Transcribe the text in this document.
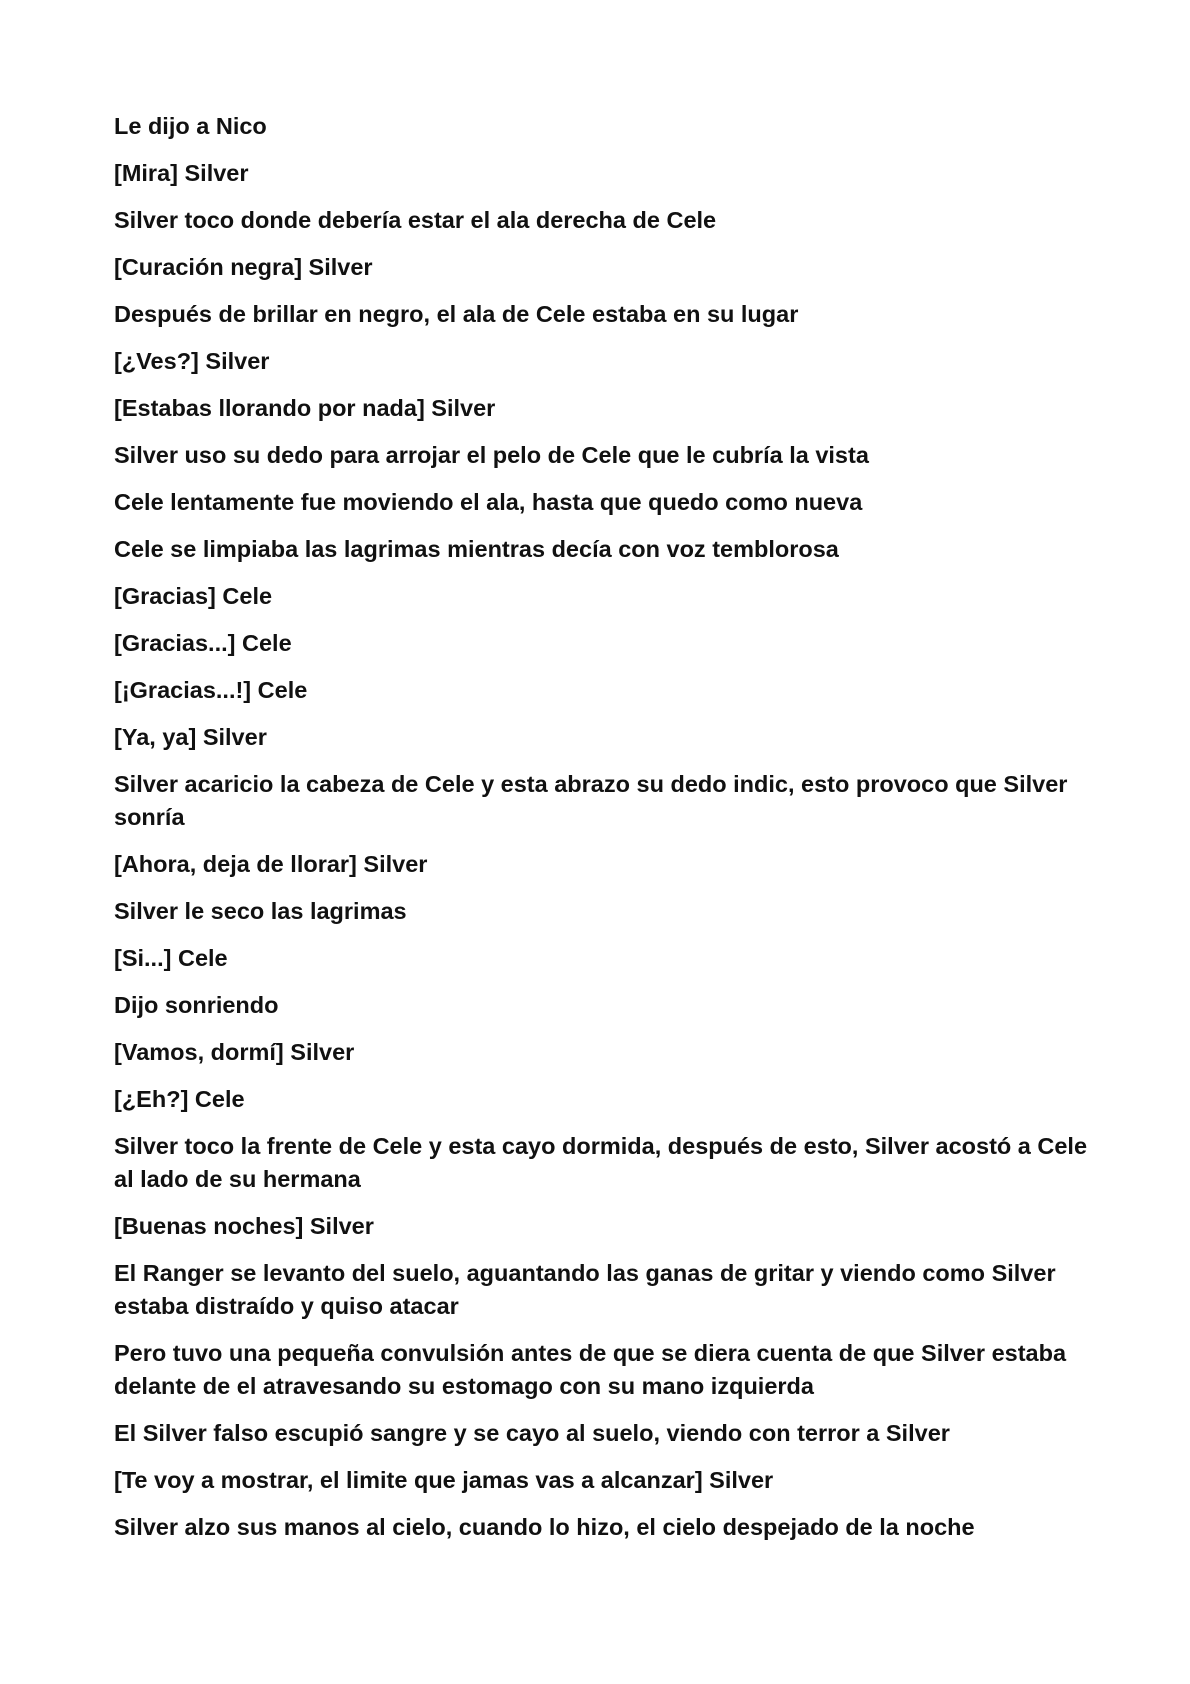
Le dijo a Nico

[Mira] Silver

Silver toco donde debería estar el ala derecha de Cele

[Curación negra] Silver

Después de brillar en negro, el ala de Cele estaba en su lugar

[¿Ves?] Silver

[Estabas llorando por nada] Silver

Silver uso su dedo para arrojar el pelo de Cele que le cubría la vista

Cele lentamente fue moviendo el ala, hasta que quedo como nueva

Cele se limpiaba las lagrimas mientras decía con voz temblorosa

[Gracias] Cele

[Gracias...] Cele

[¡Gracias...!] Cele

[Ya, ya] Silver

Silver acaricio la cabeza de Cele y esta abrazo su dedo indic, esto provoco que Silver sonría

[Ahora, deja de llorar] Silver

Silver le seco las lagrimas

[Si...] Cele

Dijo sonriendo

[Vamos, dormí] Silver

[¿Eh?] Cele

Silver toco la frente de Cele y esta cayo dormida, después de esto, Silver acostó a Cele al lado de su hermana

[Buenas noches] Silver

El Ranger se levanto del suelo, aguantando las ganas de gritar y viendo como Silver estaba distraído y quiso atacar

Pero tuvo una pequeña convulsión antes de que se diera cuenta de que Silver estaba delante de el atravesando su estomago con su mano izquierda

El Silver falso escupió sangre y se cayo al suelo, viendo con terror a Silver

[Te voy a mostrar, el limite que jamas vas a alcanzar] Silver

Silver alzo sus manos al cielo, cuando lo hizo, el cielo despejado de la noche
